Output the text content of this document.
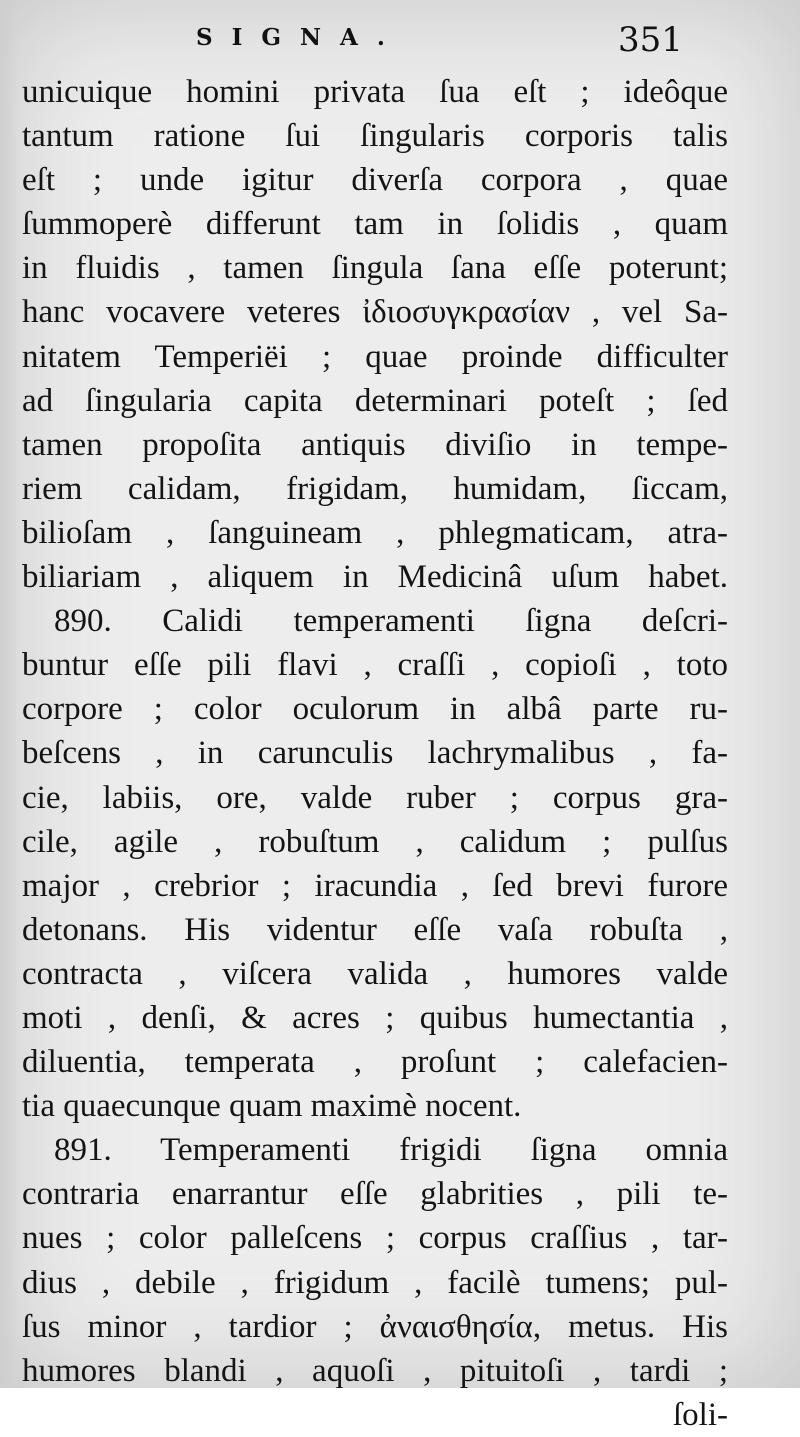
SIGNA.	351
unicuique homini privata ſua eſt ; ideôque
tantum ratione ſui ſingularis corporis talis
eſt ; unde igitur diverſa corpora , quae
ſummoperè differunt tam in ſolidis , quam
in fluidis , tamen ſingula ſana eſſe poterunt;
hanc vocavere veteres ἰδιοσυγκρασίαν , vel Sa-
nitatem Temperiëi ; quae proinde difficulter
ad ſingularia capita determinari poteſt ; ſed
tamen propoſita antiquis diviſio in tempe-
riem calidam, frigidam, humidam, ſiccam,
bilioſam , ſanguineam , phlegmaticam, atra-
biliariam , aliquem in Medicinâ uſum habet.
890. Calidi temperamenti ſigna deſcri-
buntur eſſe pili flavi , craſſi , copioſi , toto
corpore ; color oculorum in albâ parte ru-
beſcens , in carunculis lachrymalibus , fa-
cie, labiis, ore, valde ruber ; corpus gra-
cile, agile , robuſtum , calidum ; pulſus
major , crebrior ; iracundia , ſed brevi furore
detonans. His videntur eſſe vaſa robuſta ,
contracta , viſcera valida , humores valde
moti , denſi, & acres ; quibus humectantia ,
diluentia, temperata , proſunt ; calefacien-
tia quaecunque quam maximè nocent.
891. Temperamenti frigidi ſigna omnia
contraria enarrantur eſſe glabrities , pili te-
nues ; color palleſcens ; corpus craſſius , tar-
dius , debile , frigidum , facilè tumens; pul-
ſus minor , tardior ; ἀναισθησία, metus. His
humores blandi , aquoſi , pituitoſi , tardi ;
ſoli-
